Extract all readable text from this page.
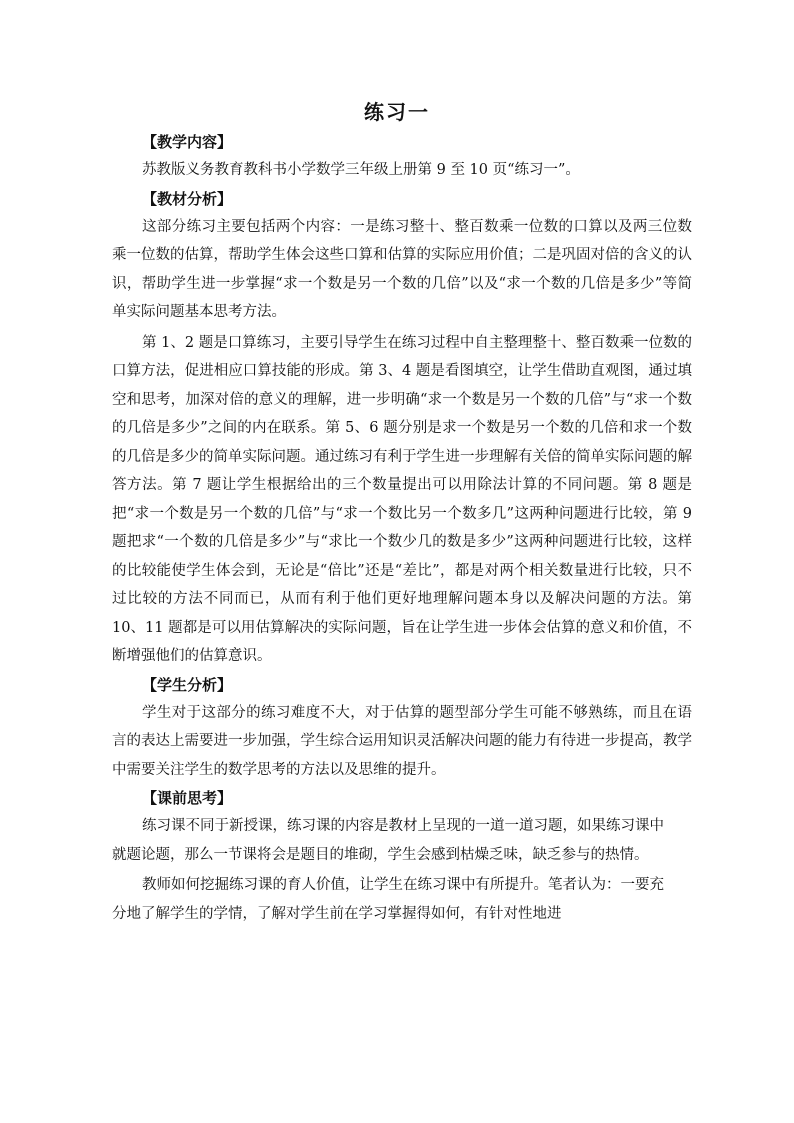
练习一
【教学内容】

苏教版义务教育教科书小学数学三年级上册第 9 至 10 页“练习一”。

【教材分析】

这部分练习主要包括两个内容：一是练习整十、整百数乘一位数的口算以及两三位数乘一位数的估算，帮助学生体会这些口算和估算的实际应用价值；二是巩固对倍的含义的认识，帮助学生进一步掌握“求一个数是另一个数的几倍”以及“求一个数的几倍是多少”等简单实际问题基本思考方法。

第 1、2 题是口算练习，主要引导学生在练习过程中自主整理整十、整百数乘一位数的口算方法，促进相应口算技能的形成。第 3、4 题是看图填空，让学生借助直观图，通过填空和思考，加深对倍的意义的理解，进一步明确“求一个数是另一个数的几倍”与“求一个数的几倍是多少”之间的内在联系。第 5、6 题分别是求一个数是另一个数的几倍和求一个数的几倍是多少的简单实际问题。通过练习有利于学生进一步理解有关倍的简单实际问题的解答方法。第 7 题让学生根据给出的三个数量提出可以用除法计算的不同问题。第 8 题是把“求一个数是另一个数的几倍”与“求一个数比另一个数多几”这两种问题进行比较，第 9 题把求“一个数的几倍是多少”与“求比一个数少几的数是多少”这两种问题进行比较，这样的比较能使学生体会到，无论是“倍比”还是“差比”，都是对两个相关数量进行比较，只不过比较的方法不同而已，从而有利于他们更好地理解问题本身以及解决问题的方法。第 10、11 题都是可以用估算解决的实际问题，旨在让学生进一步体会估算的意义和价值，不断增强他们的估算意识。

【学生分析】

学生对于这部分的练习难度不大，对于估算的题型部分学生可能不够熟练，而且在语言的表达上需要进一步加强，学生综合运用知识灵活解决问题的能力有待进一步提高，教学中需要关注学生的数学思考的方法以及思维的提升。

【课前思考】

练习课不同于新授课，练习课的内容是教材上呈现的一道一道习题，如果练习课中就题论题，那么一节课将会是题目的堆砌，学生会感到枯燥乏味，缺乏参与的热情。

教师如何挖掘练习课的育人价值，让学生在练习课中有所提升。笔者认为：一要充分地了解学生的学情，了解对学生前在学习掌握得如何，有针对性地进
